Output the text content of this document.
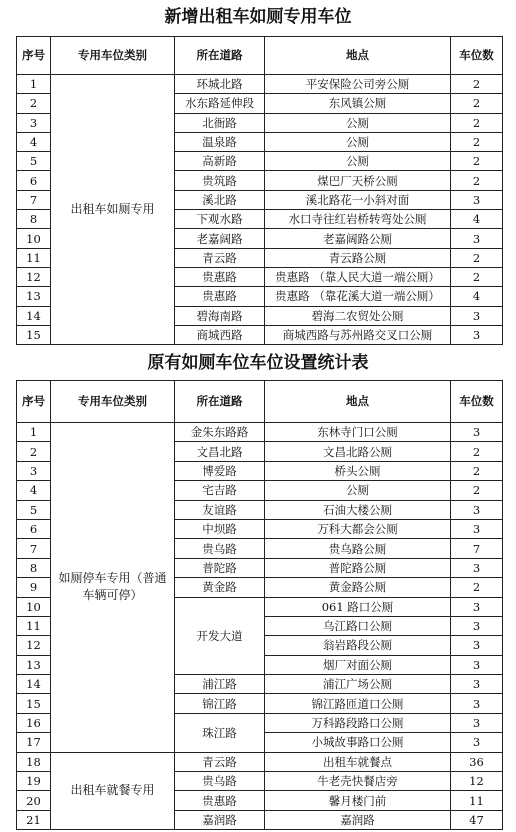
新增出租车如厕专用车位
序号	专用车位类别	所在道路	地点	车位数
1	出租车如厕专用	环城北路	平安保险公司旁公厕	2
2		水东路延伸段	东风镇公厕	2
3		北衙路	公厕	2
4		温泉路	公厕	2
5		高新路	公厕	2
6		贵筑路	煤巴厂天桥公厕	2
7		溪北路	溪北路花一小斜对面	3
8		下观水路	水口寺往红岩桥转弯处公厕	4
10		老嘉阔路	老嘉阔路公厕	3
11		青云路	青云路公厕	2
12		贵惠路	贵惠路 （靠人民大道一端公厕）	2
13		贵惠路	贵惠路 （靠花溪大道一端公厕）	4
14		碧海南路	碧海二农贸处公厕	3
15		商城西路	商城西路与苏州路交叉口公厕	3
原有如厕车位车位设置统计表
序号	专用车位类别	所在道路	地点	车位数
1	如厕停车专用（普通车辆可停）	金朱东路路	东林寺门口公厕	3
2		文昌北路	文昌北路公厕	2
3		博爱路	桥头公厕	2
4		宅吉路	公厕	2
5		友谊路	石油大楼公厕	3
6		中坝路	万科大都会公厕	3
7		贵乌路	贵乌路公厕	7
8		普陀路	普陀路公厕	3
9		黄金路	黄金路公厕	2
10		开发大道	061 路口公厕	3
11			乌江路口公厕	3
12			翁岩路段公厕	3
13			烟厂对面公厕	3
14		浦江路	浦江广场公厕	3
15		锦江路	锦江路匝道口公厕	3
16		珠江路	万科路段路口公厕	3
17			小城故事路口公厕	3
18	出租车就餐专用	青云路	出租车就餐点	36
19		贵乌路	牛老壳快餐店旁	12
20		贵惠路	馨月楼门前	11
21		嘉润路	嘉润路	47
